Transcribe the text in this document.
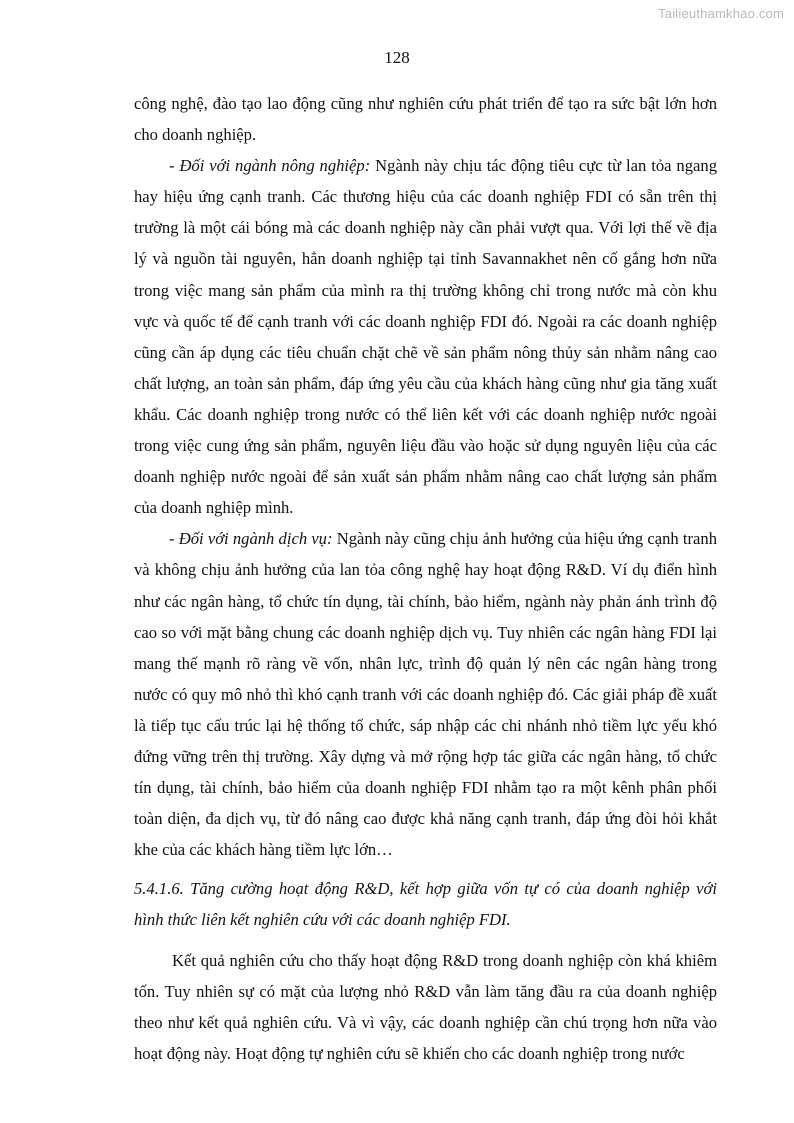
Tailieuthamkhao.com
128

công nghệ, đào tạo lao động cũng như nghiên cứu phát triển để tạo ra sức bật lớn hơn cho doanh nghiệp.

- Đối với ngành nông nghiệp: Ngành này chịu tác động tiêu cực từ lan tỏa ngang hay hiệu ứng cạnh tranh. Các thương hiệu của các doanh nghiệp FDI có sẵn trên thị trường là một cái bóng mà các doanh nghiệp này cần phải vượt qua. Với lợi thế về địa lý và nguồn tài nguyên, hẳn doanh nghiệp tại tỉnh Savannakhet nên cố gắng hơn nữa trong việc mang sản phẩm của mình ra thị trường không chỉ trong nước mà còn khu vực và quốc tế để cạnh tranh với các doanh nghiệp FDI đó. Ngoài ra các doanh nghiệp cũng cần áp dụng các tiêu chuẩn chặt chẽ về sản phẩm nông thủy sản nhằm nâng cao chất lượng, an toàn sản phẩm, đáp ứng yêu cầu của khách hàng cũng như gia tăng xuất khẩu. Các doanh nghiệp trong nước có thể liên kết với các doanh nghiệp nước ngoài trong việc cung ứng sản phẩm, nguyên liệu đầu vào hoặc sử dụng nguyên liệu của các doanh nghiệp nước ngoài để sản xuất sản phẩm nhằm nâng cao chất lượng sản phẩm của doanh nghiệp mình.

- Đối với ngành dịch vụ: Ngành này cũng chịu ảnh hưởng của hiệu ứng cạnh tranh và không chịu ảnh hưởng của lan tỏa công nghệ hay hoạt động R&D. Ví dụ điển hình như các ngân hàng, tổ chức tín dụng, tài chính, bảo hiểm, ngành này phản ánh trình độ cao so với mặt bằng chung các doanh nghiệp dịch vụ. Tuy nhiên các ngân hàng FDI lại mang thế mạnh rõ ràng về vốn, nhân lực, trình độ quản lý nên các ngân hàng trong nước có quy mô nhỏ thì khó cạnh tranh với các doanh nghiệp đó. Các giải pháp đề xuất là tiếp tục cấu trúc lại hệ thống tổ chức, sáp nhập các chi nhánh nhỏ tiềm lực yếu khó đứng vững trên thị trường. Xây dựng và mở rộng hợp tác giữa các ngân hàng, tổ chức tín dụng, tài chính, bảo hiểm của doanh nghiệp FDI nhằm tạo ra một kênh phân phối toàn diện, đa dịch vụ, từ đó nâng cao được khả năng cạnh tranh, đáp ứng đòi hỏi khắt khe của các khách hàng tiềm lực lớn…

5.4.1.6. Tăng cường hoạt động R&D, kết hợp giữa vốn tự có của doanh nghiệp với hình thức liên kết nghiên cứu với các doanh nghiệp FDI.

Kết quả nghiên cứu cho thấy hoạt động R&D trong doanh nghiệp còn khá khiêm tốn. Tuy nhiên sự có mặt của lượng nhỏ R&D vẫn làm tăng đầu ra của doanh nghiệp theo như kết quả nghiên cứu. Và vì vậy, các doanh nghiệp cần chú trọng hơn nữa vào hoạt động này. Hoạt động tự nghiên cứu sẽ khiến cho các doanh nghiệp trong nước
